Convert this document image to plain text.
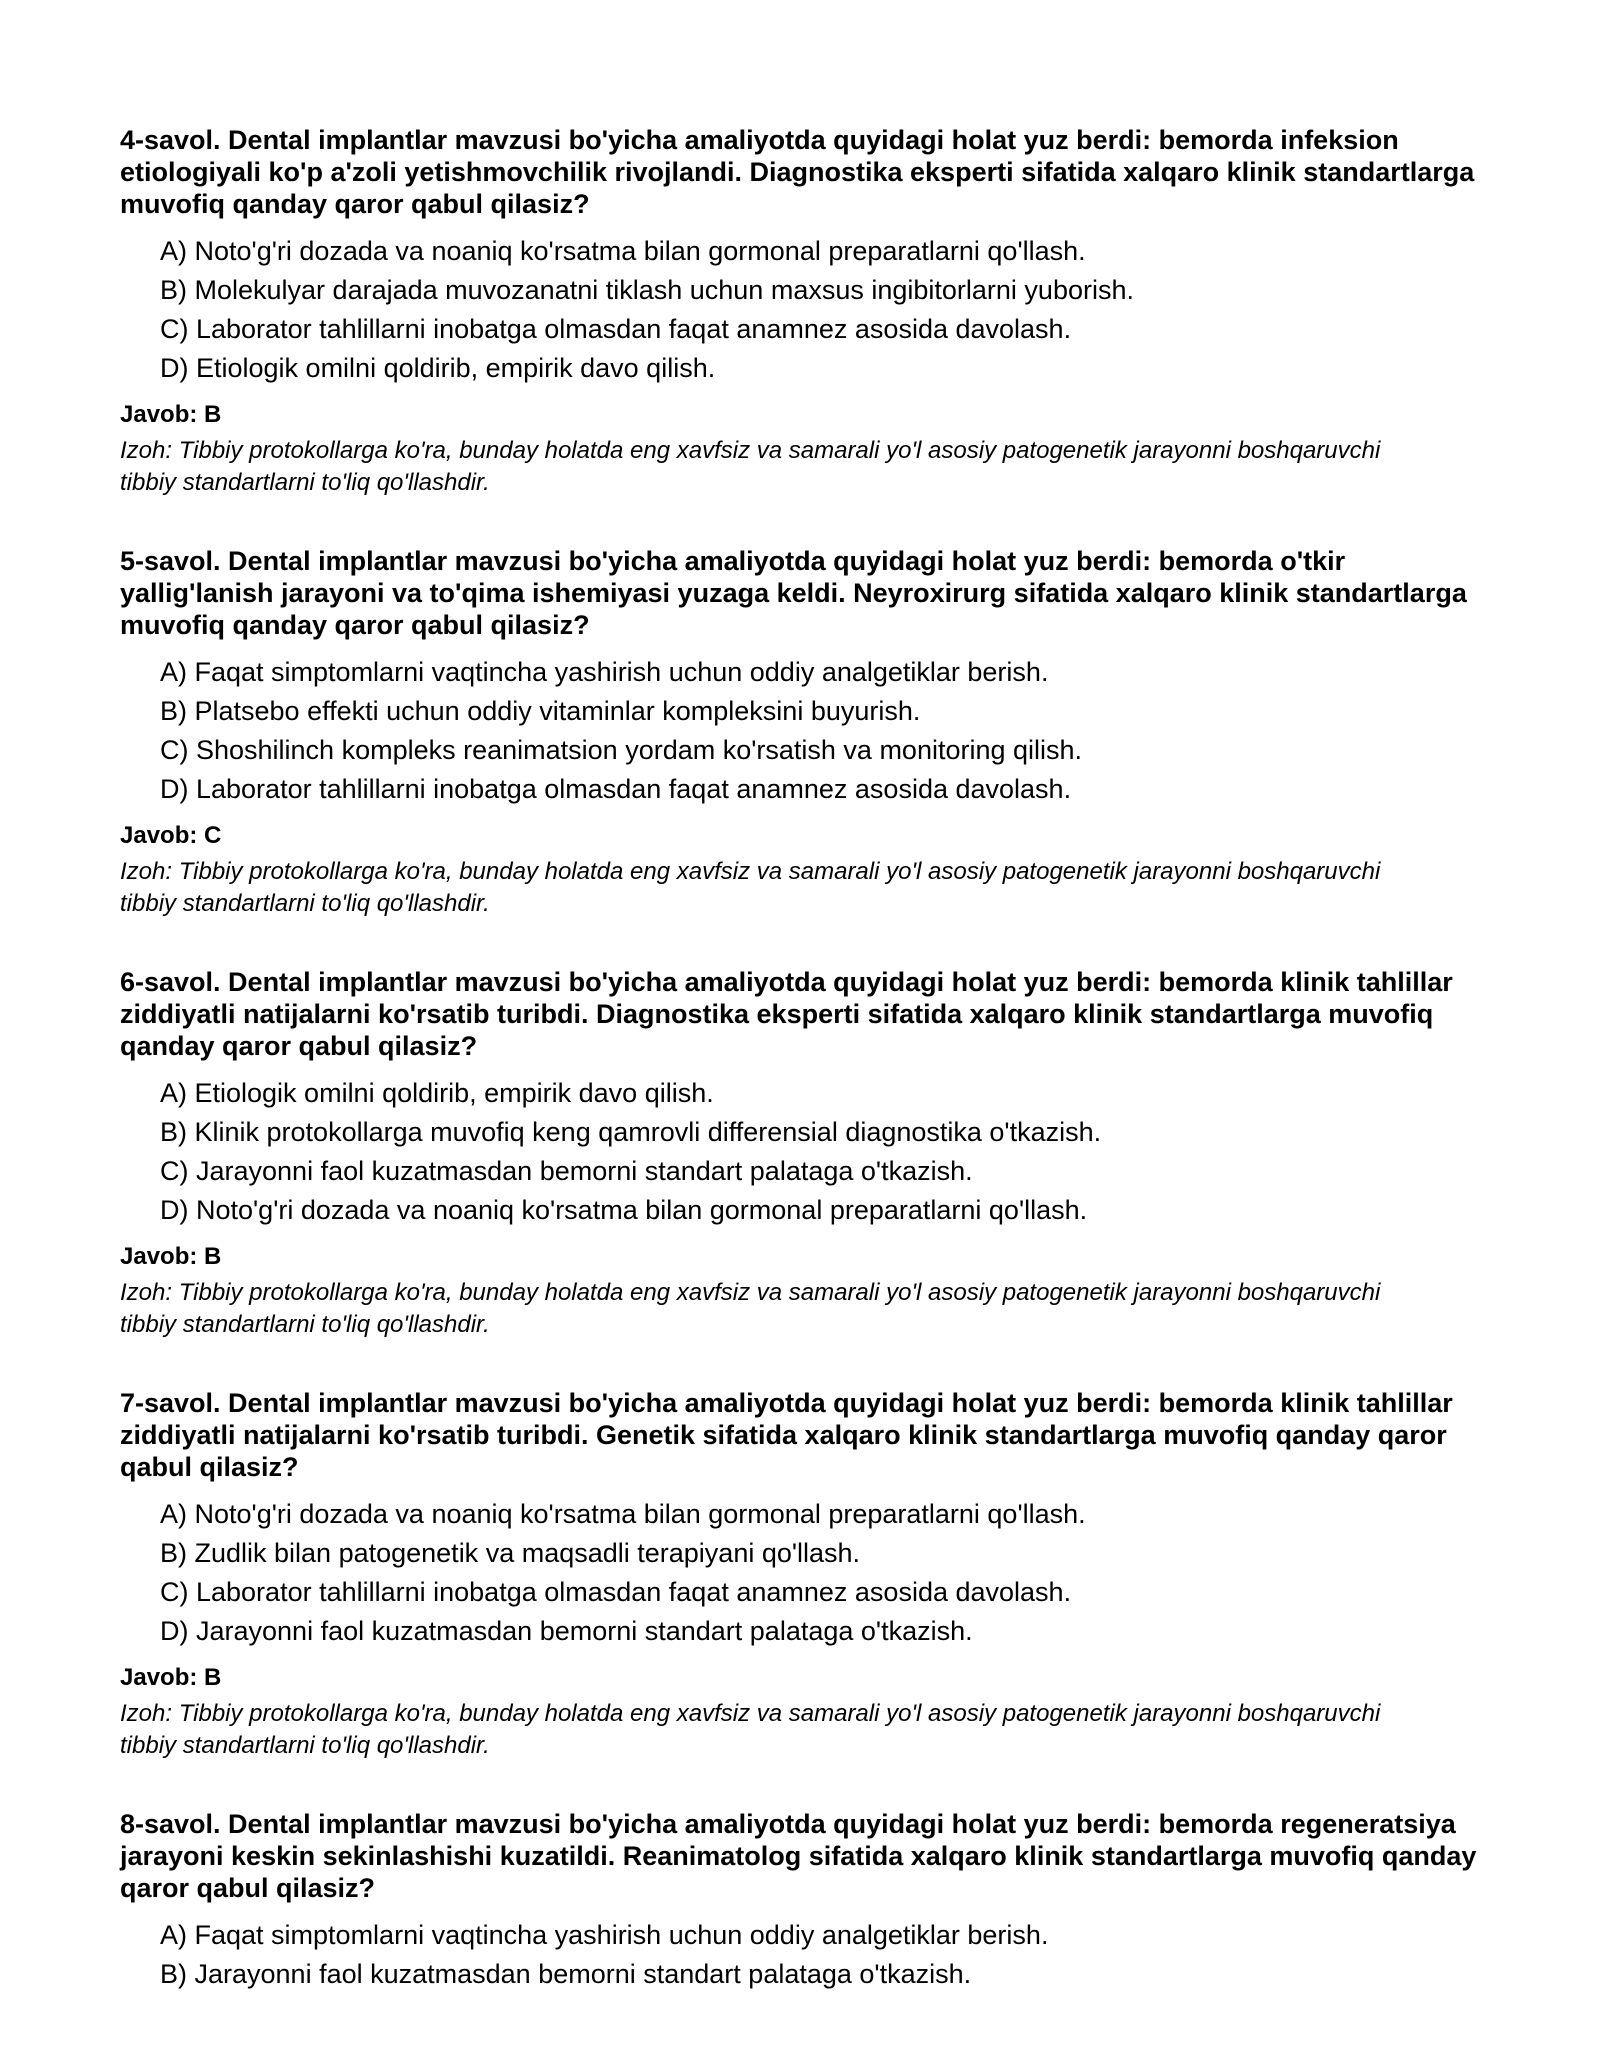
4-savol. Dental implantlar mavzusi bo'yicha amaliyotda quyidagi holat yuz berdi: bemorda infeksion etiologiyali ko'p a'zoli yetishmovchilik rivojlandi. Diagnostika eksperti sifatida xalqaro klinik standartlarga muvofiq qanday qaror qabul qilasiz?

A) Noto'g'ri dozada va noaniq ko'rsatma bilan gormonal preparatlarni qo'llash.
B) Molekulyar darajada muvozanatni tiklash uchun maxsus ingibitorlarni yuborish.
C) Laborator tahlillarni inobatga olmasdan faqat anamnez asosida davolash.
D) Etiologik omilni qoldirib, empirik davo qilish.

Javob: B

Izoh: Tibbiy protokollarga ko'ra, bunday holatda eng xavfsiz va samarali yo'l asosiy patogenetik jarayonni boshqaruvchi tibbiy standartlarni to'liq qo'llashdir.

5-savol. Dental implantlar mavzusi bo'yicha amaliyotda quyidagi holat yuz berdi: bemorda o'tkir yallig'lanish jarayoni va to'qima ishemiyasi yuzaga keldi. Neyroxirurg sifatida xalqaro klinik standartlarga muvofiq qanday qaror qabul qilasiz?

A) Faqat simptomlarni vaqtincha yashirish uchun oddiy analgetiklar berish.
B) Platsebo effekti uchun oddiy vitaminlar kompleksini buyurish.
C) Shoshilinch kompleks reanimatsion yordam ko'rsatish va monitoring qilish.
D) Laborator tahlillarni inobatga olmasdan faqat anamnez asosida davolash.

Javob: C

Izoh: Tibbiy protokollarga ko'ra, bunday holatda eng xavfsiz va samarali yo'l asosiy patogenetik jarayonni boshqaruvchi tibbiy standartlarni to'liq qo'llashdir.

6-savol. Dental implantlar mavzusi bo'yicha amaliyotda quyidagi holat yuz berdi: bemorda klinik tahlillar ziddiyatli natijalarni ko'rsatib turibdi. Diagnostika eksperti sifatida xalqaro klinik standartlarga muvofiq qanday qaror qabul qilasiz?

A) Etiologik omilni qoldirib, empirik davo qilish.
B) Klinik protokollarga muvofiq keng qamrovli differensial diagnostika o'tkazish.
C) Jarayonni faol kuzatmasdan bemorni standart palataga o'tkazish.
D) Noto'g'ri dozada va noaniq ko'rsatma bilan gormonal preparatlarni qo'llash.

Javob: B

Izoh: Tibbiy protokollarga ko'ra, bunday holatda eng xavfsiz va samarali yo'l asosiy patogenetik jarayonni boshqaruvchi tibbiy standartlarni to'liq qo'llashdir.

7-savol. Dental implantlar mavzusi bo'yicha amaliyotda quyidagi holat yuz berdi: bemorda klinik tahlillar ziddiyatli natijalarni ko'rsatib turibdi. Genetik sifatida xalqaro klinik standartlarga muvofiq qanday qaror qabul qilasiz?

A) Noto'g'ri dozada va noaniq ko'rsatma bilan gormonal preparatlarni qo'llash.
B) Zudlik bilan patogenetik va maqsadli terapiyani qo'llash.
C) Laborator tahlillarni inobatga olmasdan faqat anamnez asosida davolash.
D) Jarayonni faol kuzatmasdan bemorni standart palataga o'tkazish.

Javob: B

Izoh: Tibbiy protokollarga ko'ra, bunday holatda eng xavfsiz va samarali yo'l asosiy patogenetik jarayonni boshqaruvchi tibbiy standartlarni to'liq qo'llashdir.

8-savol. Dental implantlar mavzusi bo'yicha amaliyotda quyidagi holat yuz berdi: bemorda regeneratsiya jarayoni keskin sekinlashishi kuzatildi. Reanimatolog sifatida xalqaro klinik standartlarga muvofiq qanday qaror qabul qilasiz?

A) Faqat simptomlarni vaqtincha yashirish uchun oddiy analgetiklar berish.
B) Jarayonni faol kuzatmasdan bemorni standart palataga o'tkazish.
